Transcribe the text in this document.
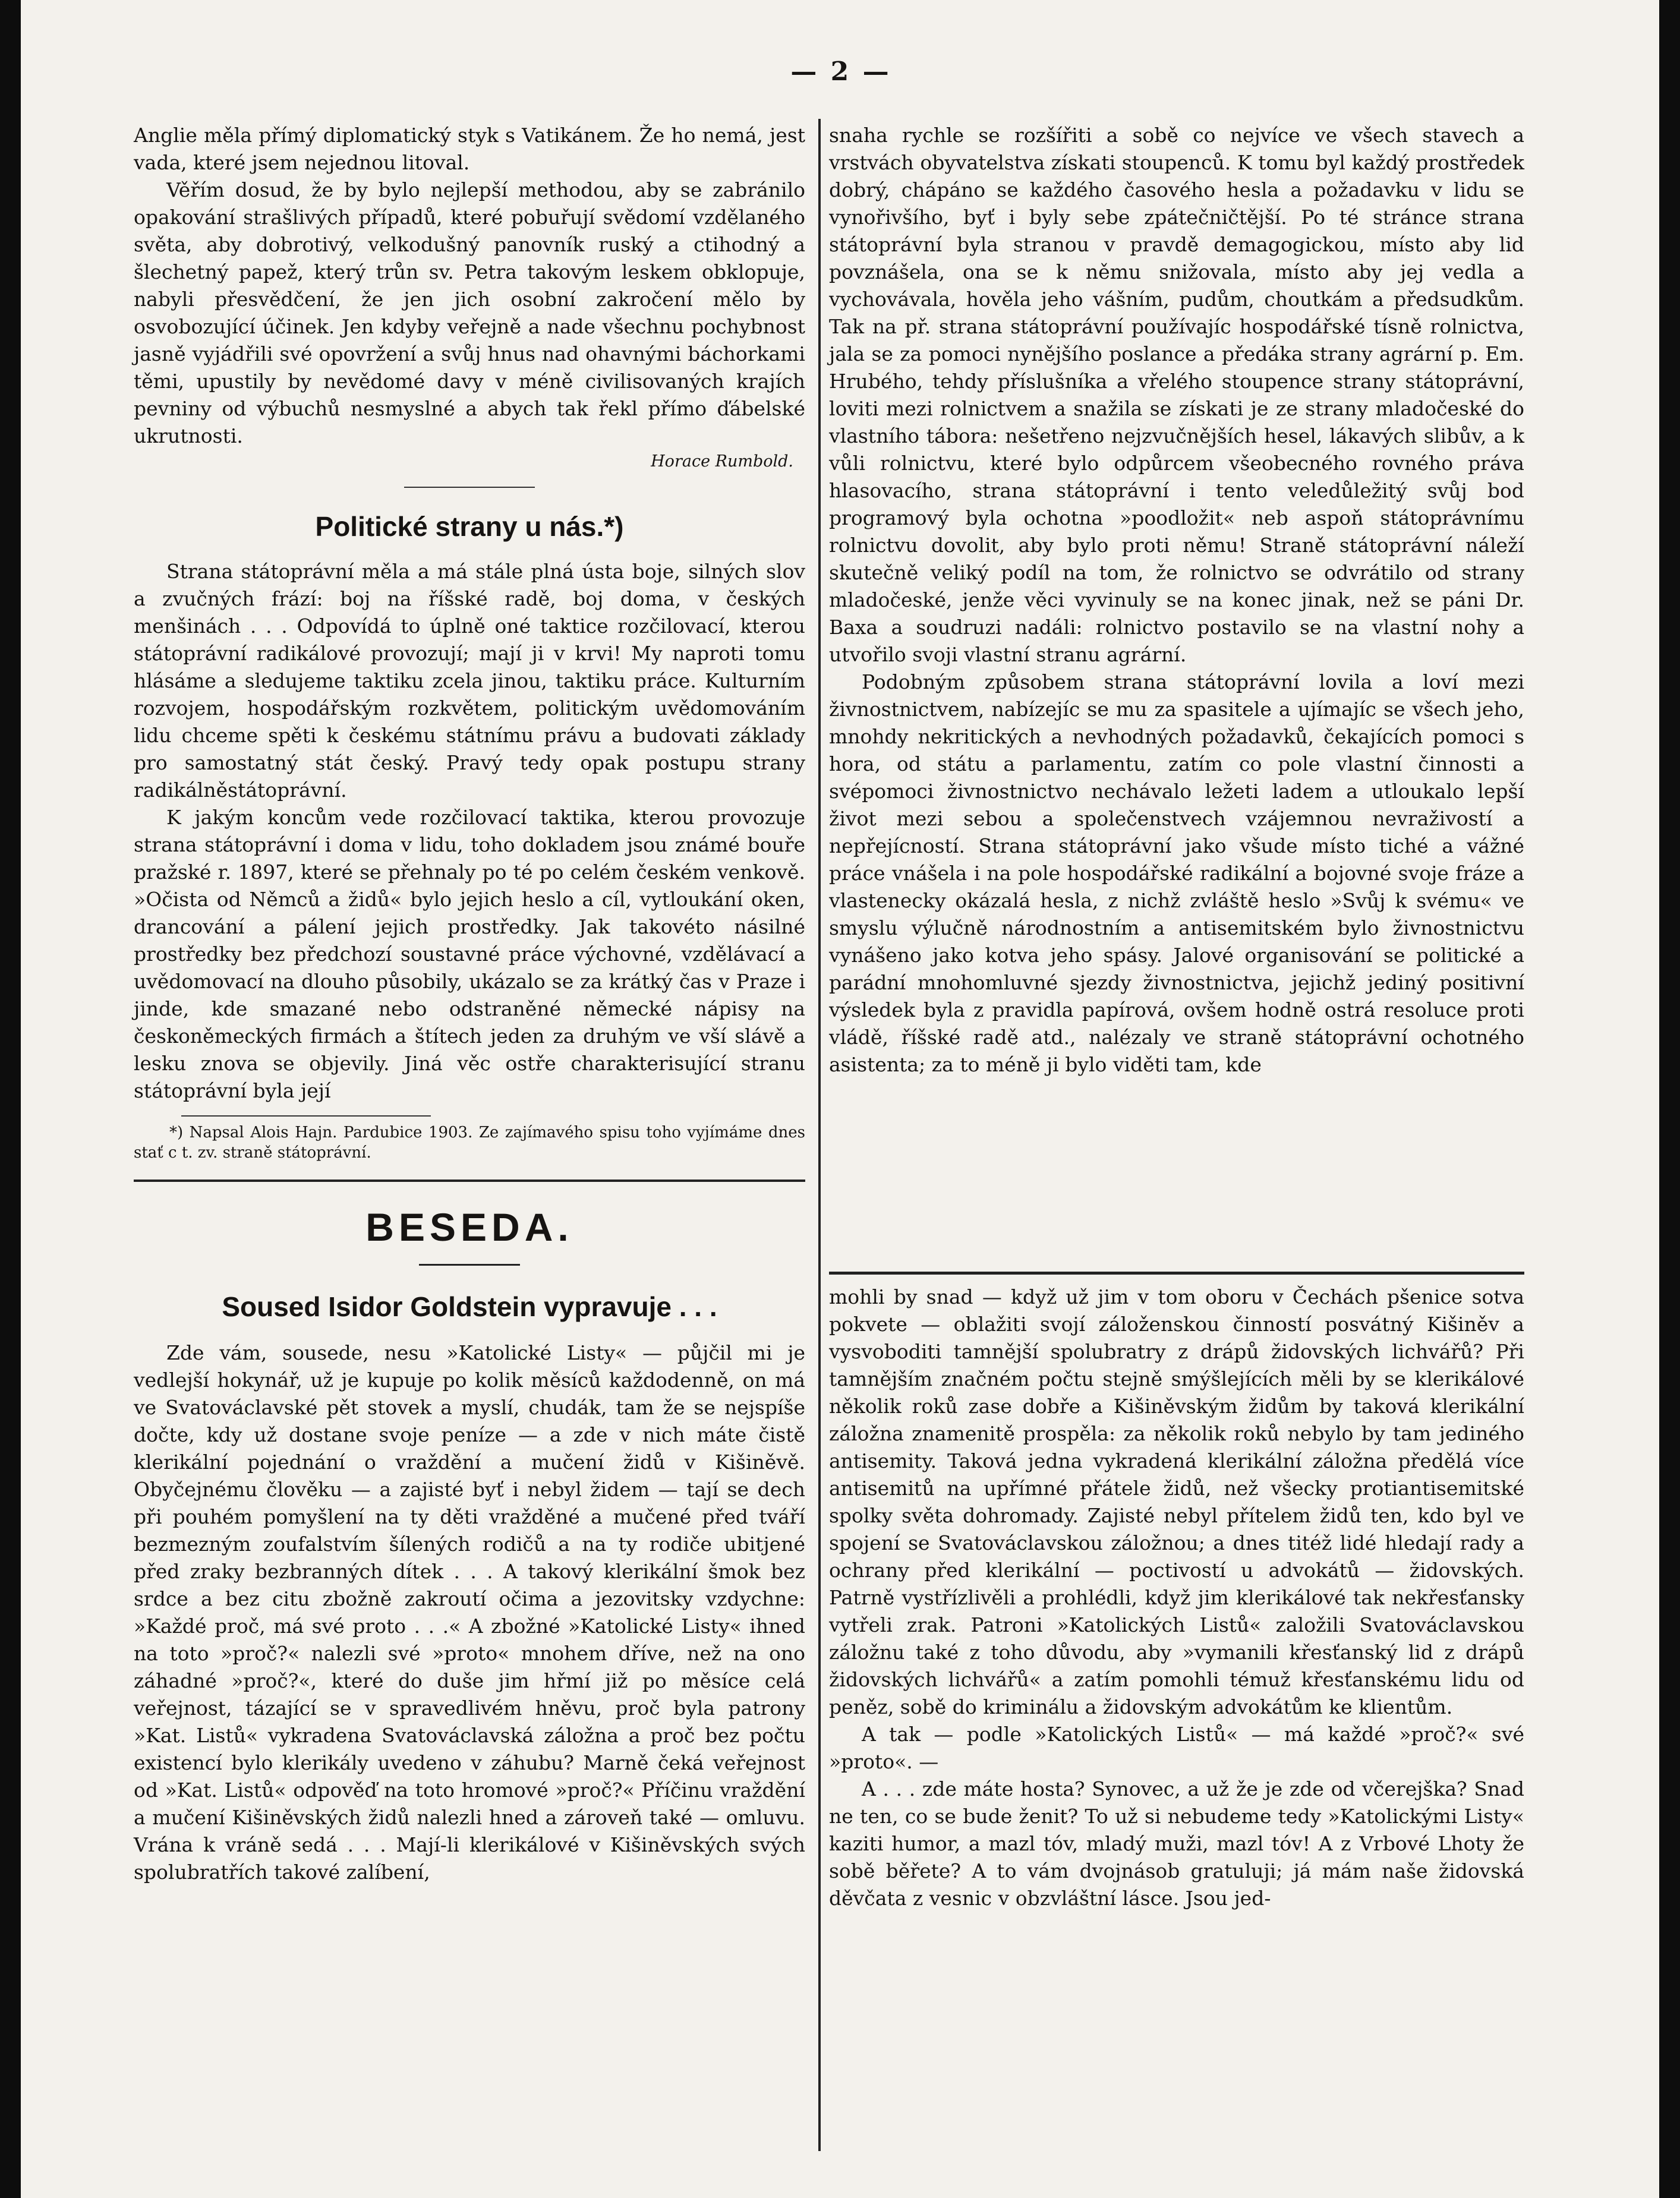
— 2 —

Anglie měla přímý diplomatický styk s Vatikánem. Že ho nemá, jest vada, které jsem nejednou litoval.

Věřím dosud, že by bylo nejlepší methodou, aby se zabránilo opakování strašlivých případů, které pobuřují svědomí vzdělaného světa, aby dobrotivý, velkodušný panovník ruský a ctihodný a šlechetný papež, který trůn sv. Petra takovým leskem obklopuje, nabyli přesvědčení, že jen jich osobní zakročení mělo by osvobozující účinek. Jen kdyby veřejně a nade všechnu pochybnost jasně vyjádřili své opovržení a svůj hnus nad ohavnými báchorkami těmi, upustily by nevědomé davy v méně civilisovaných krajích pevniny od výbuchů nesmyslné a abych tak řekl přímo ďábelské ukrutnosti.

Horace Rumbold.

Politické strany u nás.*)

Strana státoprávní měla a má stále plná ústa boje, silných slov a zvučných frází: boj na říšské radě, boj doma, v českých menšinách . . . Odpovídá to úplně oné taktice rozčilovací, kterou státoprávní radikálové provozují; mají ji v krvi! My naproti tomu hlásáme a sledujeme taktiku zcela jinou, taktiku práce. Kulturním rozvojem, hospodářským rozkvětem, politickým uvědomováním lidu chceme spěti k českému státnímu právu a budovati základy pro samostatný stát český. Pravý tedy opak postupu strany radikálněstátoprávní.

K jakým koncům vede rozčilovací taktika, kterou provozuje strana státoprávní i doma v lidu, toho dokladem jsou známé bouře pražské r. 1897, které se přehnaly po té po celém českém venkově. »Očista od Němců a židů« bylo jejich heslo a cíl, vytloukání oken, drancování a pálení jejich prostředky. Jak takovéto násilné prostředky bez předchozí soustavné práce výchovné, vzdělávací a uvědomovací na dlouho působily, ukázalo se za krátký čas v Praze i jinde, kde smazané nebo odstraněné německé nápisy na českoněmeckých firmách a štítech jeden za druhým ve vší slávě a lesku znova se objevily. Jiná věc ostře charakterisující stranu státoprávní byla její

*) Napsal Alois Hajn. Pardubice 1903. Ze zajímavého spisu toho vyjímáme dnes stať c t. zv. straně státoprávní.

BESEDA.
Soused Isidor Goldstein vypravuje . . .

Zde vám, sousede, nesu »Katolické Listy« — půjčil mi je vedlejší hokynář, už je kupuje po kolik měsíců každodenně, on má ve Svatováclavské pět stovek a myslí, chudák, tam že se nejspíše dočte, kdy už dostane svoje peníze — a zde v nich máte čistě klerikální pojednání o vraždění a mučení židů v Kišiněvě. Obyčejnému člověku — a zajisté byť i nebyl židem — tají se dech při pouhém pomyšlení na ty děti vražděné a mučené před tváří bezmezným zoufalstvím šílených rodičů a na ty rodiče ubitjené před zraky bezbranných dítek . . . A takový klerikální šmok bez srdce a bez citu zbožně zakroutí očima a jezovitsky vzdychne: »Každé proč, má své proto . . .« A zbožné »Katolické Listy« ihned na toto »proč?« nalezli své »proto« mnohem dříve, než na ono záhadné »proč?«, které do duše jim hřmí již po měsíce celá veřejnost, tázající se v spravedlivém hněvu, proč byla patrony »Kat. Listů« vykradena Svatováclavská záložna a proč bez počtu existencí bylo klerikály uvedeno v záhubu? Marně čeká veřejnost od »Kat. Listů« odpověď na toto hromové »proč?« Příčinu vraždění a mučení Kišiněvských židů nalezli hned a zároveň také — omluvu. Vrána k vráně sedá . . . Mají-li klerikálové v Kišiněvských svých spolubratřích takové zalíbení,

snaha rychle se rozšířiti a sobě co nejvíce ve všech stavech a vrstvách obyvatelstva získati stoupenců. K tomu byl každý prostředek dobrý, chápáno se každého časového hesla a požadavku v lidu se vynořivšího, byť i byly sebe zpátečničtější. Po té stránce strana státoprávní byla stranou v pravdě demagogickou, místo aby lid povznášela, ona se k němu snižovala, místo aby jej vedla a vychovávala, hověla jeho vášním, pudům, choutkám a předsudkům. Tak na př. strana státoprávní používajíc hospodářské tísně rolnictva, jala se za pomoci nynějšího poslance a předáka strany agrární p. Em. Hrubého, tehdy příslušníka a vřelého stoupence strany státoprávní, loviti mezi rolnictvem a snažila se získati je ze strany mladočeské do vlastního tábora: nešetřeno nejzvučnějších hesel, lákavých slibův, a k vůli rolnictvu, které bylo odpůrcem všeobecného rovného práva hlasovacího, strana státoprávní i tento veledůležitý svůj bod programový byla ochotna »poodložit« neb aspoň státoprávnímu rolnictvu dovolit, aby bylo proti němu! Straně státoprávní náleží skutečně veliký podíl na tom, že rolnictvo se odvrátilo od strany mladočeské, jenže věci vyvinuly se na konec jinak, než se páni Dr. Baxa a soudruzi nadáli: rolnictvo postavilo se na vlastní nohy a utvořilo svoji vlastní stranu agrární.

Podobným způsobem strana státoprávní lovila a loví mezi živnostnictvem, nabízejíc se mu za spasitele a ujímajíc se všech jeho, mnohdy nekritických a nevhodných požadavků, čekajících pomoci s hora, od státu a parlamentu, zatím co pole vlastní činnosti a svépomoci živnostnictvo nechávalo ležeti ladem a utloukalo lepší život mezi sebou a společenstvech vzájemnou nevraživostí a nepřejícností. Strana státoprávní jako všude místo tiché a vážné práce vnášela i na pole hospodářské radikální a bojovné svoje fráze a vlastenecky okázalá hesla, z nichž zvláště heslo »Svůj k svému« ve smyslu výlučně národnostním a antisemitském bylo živnostnictvu vynášeno jako kotva jeho spásy. Jalové organisování se politické a parádní mnohomluvné sjezdy živnostnictva, jejichž jediný positivní výsledek byla z pravidla papírová, ovšem hodně ostrá resoluce proti vládě, říšské radě atd., nalézaly ve straně státoprávní ochotného asistenta; za to méně ji bylo viděti tam, kde

mohli by snad — když už jim v tom oboru v Čechách pšenice sotva pokvete — oblažiti svojí záloženskou činností posvátný Kišiněv a vysvoboditi tamnější spolubratry z drápů židovských lichvářů? Při tamnějším značném počtu stejně smýšlejících měli by se klerikálové několik roků zase dobře a Kišiněvským židům by taková klerikální záložna znamenitě prospěla: za několik roků nebylo by tam jediného antisemity. Taková jedna vykradená klerikální záložna předělá více antisemitů na upřímné přátele židů, než všecky protiantisemitské spolky světa dohromady. Zajisté nebyl přítelem židů ten, kdo byl ve spojení se Svatováclavskou záložnou; a dnes titéž lidé hledají rady a ochrany před klerikální — poctivostí u advokátů — židovských. Patrně vystřízlivěli a prohlédli, když jim klerikálové tak nekřesťansky vytřeli zrak. Patroni »Katolických Listů« založili Svatováclavskou záložnu také z toho důvodu, aby »vymanili křesťanský lid z drápů židovských lichvářů« a zatím pomohli témuž křesťanskému lidu od peněz, sobě do kriminálu a židovským advokátům ke klientům.

A tak — podle »Katolických Listů« — má každé »proč?« své »proto«. —

A . . . zde máte hosta? Synovec, a už že je zde od včerejška? Snad ne ten, co se bude ženit? To už si nebudeme tedy »Katolickými Listy« kaziti humor, a mazl tóv, mladý muži, mazl tóv! A z Vrbové Lhoty že sobě běřete? A to vám dvojnásob gratuluji; já mám naše židovská děvčata z vesnic v obzvláštní lásce. Jsou jed-
